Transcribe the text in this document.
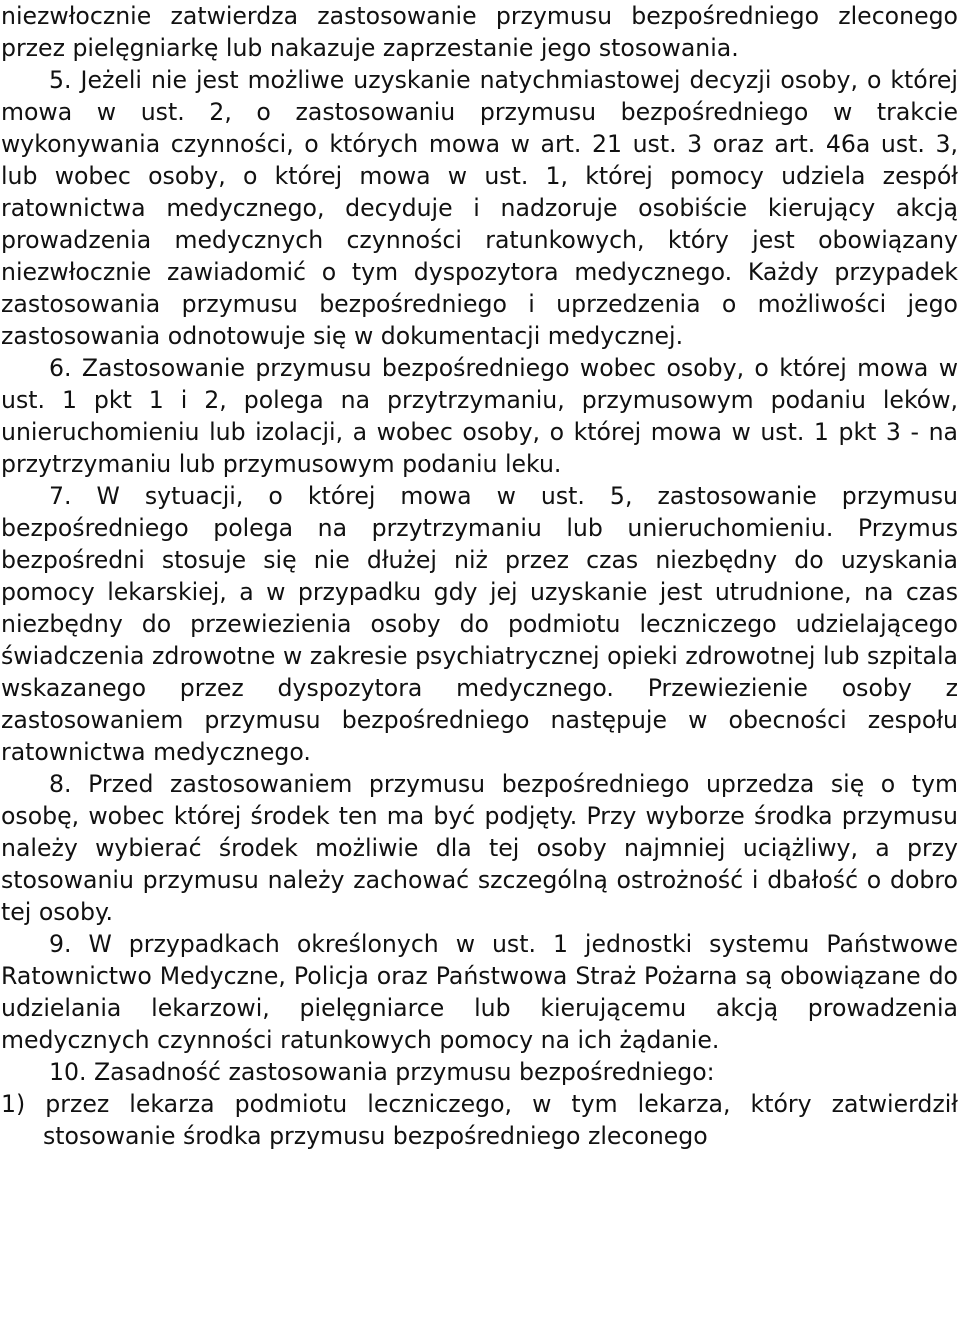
niezwłocznie zatwierdza zastosowanie przymusu bezpośredniego zleconego przez pielęgniarkę lub nakazuje zaprzestanie jego stosowania.

5. Jeżeli nie jest możliwe uzyskanie natychmiastowej decyzji osoby, o której mowa w ust. 2, o zastosowaniu przymusu bezpośredniego w trakcie wykonywania czynności, o których mowa w art. 21 ust. 3 oraz art. 46a ust. 3, lub wobec osoby, o której mowa w ust. 1, której pomocy udziela zespół ratownictwa medycznego, decyduje i nadzoruje osobiście kierujący akcją prowadzenia medycznych czynności ratunkowych, który jest obowiązany niezwłocznie zawiadomić o tym dyspozytora medycznego. Każdy przypadek zastosowania przymusu bezpośredniego i uprzedzenia o możliwości jego zastosowania odnotowuje się w dokumentacji medycznej.

6. Zastosowanie przymusu bezpośredniego wobec osoby, o której mowa w ust. 1 pkt 1 i 2, polega na przytrzymaniu, przymusowym podaniu leków, unieruchomieniu lub izolacji, a wobec osoby, o której mowa w ust. 1 pkt 3 - na przytrzymaniu lub przymusowym podaniu leku.

7. W sytuacji, o której mowa w ust. 5, zastosowanie przymusu bezpośredniego polega na przytrzymaniu lub unieruchomieniu. Przymus bezpośredni stosuje się nie dłużej niż przez czas niezbędny do uzyskania pomocy lekarskiej, a w przypadku gdy jej uzyskanie jest utrudnione, na czas niezbędny do przewiezienia osoby do podmiotu leczniczego udzielającego świadczenia zdrowotne w zakresie psychiatrycznej opieki zdrowotnej lub szpitala wskazanego przez dyspozytora medycznego. Przewiezienie osoby z zastosowaniem przymusu bezpośredniego następuje w obecności zespołu ratownictwa medycznego.

8. Przed zastosowaniem przymusu bezpośredniego uprzedza się o tym osobę, wobec której środek ten ma być podjęty. Przy wyborze środka przymusu należy wybierać środek możliwie dla tej osoby najmniej uciążliwy, a przy stosowaniu przymusu należy zachować szczególną ostrożność i dbałość o dobro tej osoby.

9. W przypadkach określonych w ust. 1 jednostki systemu Państwowe Ratownictwo Medyczne, Policja oraz Państwowa Straż Pożarna są obowiązane do udzielania lekarzowi, pielęgniarce lub kierującemu akcją prowadzenia medycznych czynności ratunkowych pomocy na ich żądanie.

10. Zasadność zastosowania przymusu bezpośredniego:

1) przez lekarza podmiotu leczniczego, w tym lekarza, który zatwierdził stosowanie środka przymusu bezpośredniego zleconego
